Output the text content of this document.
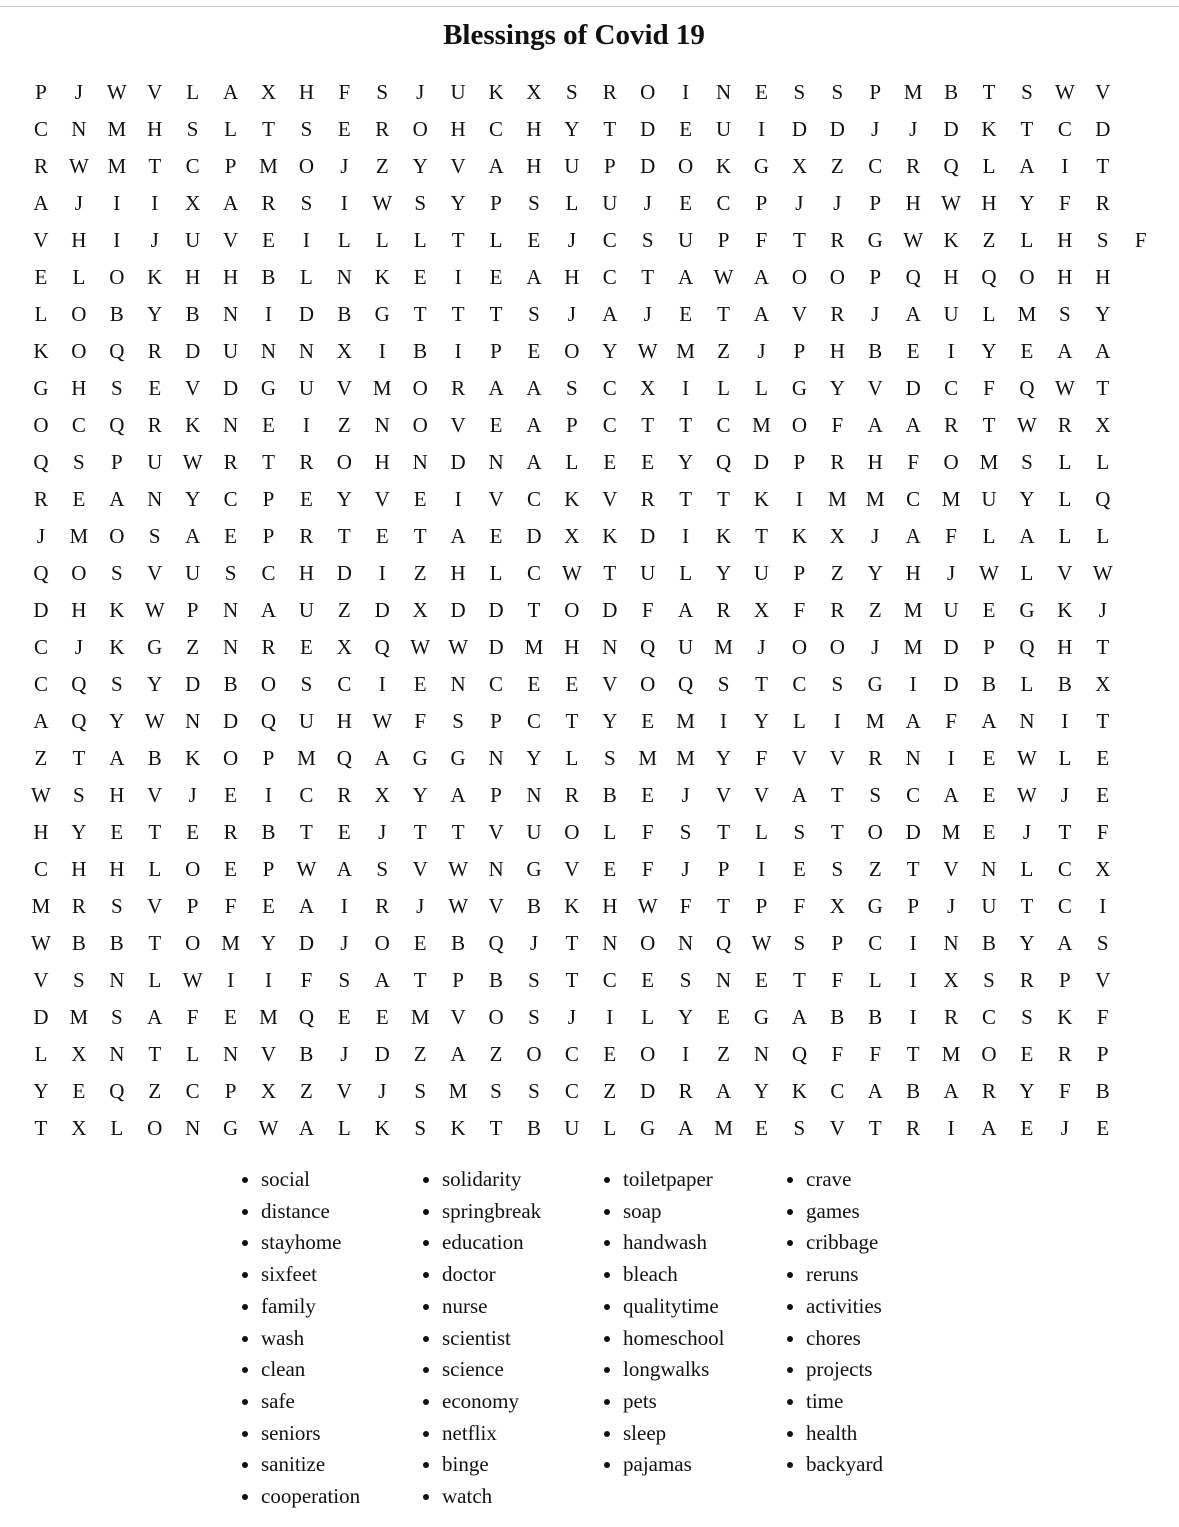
Blessings of Covid 19
P	J	W V	L	A	X	H	F	S	J	U	K	X	S	R	O	I	N	E	S	S	P	M	B	T	S	W V
C	N M	H	S	L	T	S	E	R	O	H	C	H	Y	T	D	E	U	I	D	D	J	J	D	K	T	C	D
R	W M	T	C	P	M	O	J	Z	Y	V	A	H	U	P	D	O	K	G	X	Z	C	R	Q	L	A	I	T
A	J	I	I	X	A	R	S	I	W	S	Y	P	S	L	U	J	E	C	P	J	J	P	H W H	Y	F	R
V	H	I	J	U	V	E	I	L	L	L	T	L	E	J	C	S	U	P	F	T	R	G W K	Z	L	H	S	F
E	L	O	K	H	H	B	L	N	K	E	I	E	A	H	C	T	A W A	O	O	P	Q	H	Q	O	H	H
L	O	B	Y	B	N	I	D	B	G	T	T	T	S	J	A	J	E	T	A	V	R	J	A	U	L	M	S	Y
K	O	Q	R	D	U	N	N	X	I	B	I	P	E	O	Y W M	Z	J	P	H	B	E	I	Y	E	A	A
G	H	S	E	V	D	G	U	V M	O	R	A	A	S	C	X	I	L	L	G	Y	V	D	C	F	Q W	T
O	C	Q	R	K	N	E	I	Z	N	O	V	E	A	P	C	T	T	C	M	O	F	A	A	R	T	W	R	X
Q	S	P	U W	R	T	R	O	H	N	D	N	A	L	E	E	Y	Q	D	P	R	H	F	O M	S	L	L
R	E	A	N	Y	C	P	E	Y	V	E	I	V	C	K	V	R	T	T	K	I	M M	C	M	U	Y	L	Q
J	M	O	S	A	E	P	R	T	E	T	A	E	D	X	K	D	I	K	T	K	X	J	A	F	L	A	L	L
Q	O	S	V	U	S	C	H	D	I	Z	H	L	C	W	T	U	L	Y	U	P	Z	Y	H	J	W	L	V W
D	H	K W	P	N	A	U	Z	D	X	D	D	T	O	D	F	A	R	X	F	R	Z	M	U	E	G	K	J
C	J	K	G	Z	N	R	E	X	Q W W D M	H	N	Q	U M	J	O	O	J	M	D	P	Q	H	T
C	Q	S	Y	D	B	O	S	C	I	E	N	C	E	E	V	O	Q	S	T	C	S	G	I	D	B	L	B	X
A	Q	Y W N	D	Q	U	H W	F	S	P	C	T	Y	E	M	I	Y	L	I	M	A	F	A	N	I	T
Z	T	A	B	K	O	P	M	Q	A	G	G	N	Y	L	S	M M	Y	F	V	V	R	N	I	E	W	L	E
W	S	H	V	J	E	I	C	R	X	Y	A	P	N	R	B	E	J	V	V	A	T	S	C	A	E	W	J	E
H	Y	E	T	E	R	B	T	E	J	T	T	V	U	O	L	F	S	T	L	S	T	O	D M	E	J	T	F
C	H	H	L	O	E	P	W A	S	V W N	G	V	E	F	J	P	I	E	S	Z	T	V	N	L	C	X
M	R	S	V	P	F	E	A	I	R	J	W V	B	K	H W	F	T	P	F	X	G	P	J	U	T	C	I
W	B	B	T	O M	Y	D	J	O	E	B	Q	J	T	N	O	N	Q W	S	P	C	I	N	B	Y	A	S
V	S	N	L	W	I	I	F	S	A	T	P	B	S	T	C	E	S	N	E	T	F	L	I	X	S	R	P	V
D M	S	A	F	E	M	Q	E	E	M	V	O	S	J	I	L	Y	E	G	A	B	B	I	R	C	S	K	F
L	X	N	T	L	N	V	B	J	D	Z	A	Z	O	C	E	O	I	Z	N	Q	F	F	T	M	O	E	R	P
Y	E	Q	Z	C	P	X	Z	V	J	S	M	S	S	C	Z	D	R	A	Y	K	C	A	B	A	R	Y	F	B
T	X	L	O	N	G W A	L	K	S	K	T	B	U	L	G	A M	E	S	V	T	R	I	A	E	J	E
• social
• distance
• stayhome
• sixfeet
• family
• wash
• clean
• safe
• seniors
• sanitize
• cooperation
• solidarity
• springbreak
• education
• doctor
• nurse
• scientist
• science
• economy
• netflix
• binge
• watch
• toiletpaper
• soap
• handwash
• bleach
• qualitytime
• homeschool
• longwalks
• pets
• sleep
• pajamas
• crave
• games
• cribbage
• reruns
• activities
• chores
• projects
• time
• health
• backyard
